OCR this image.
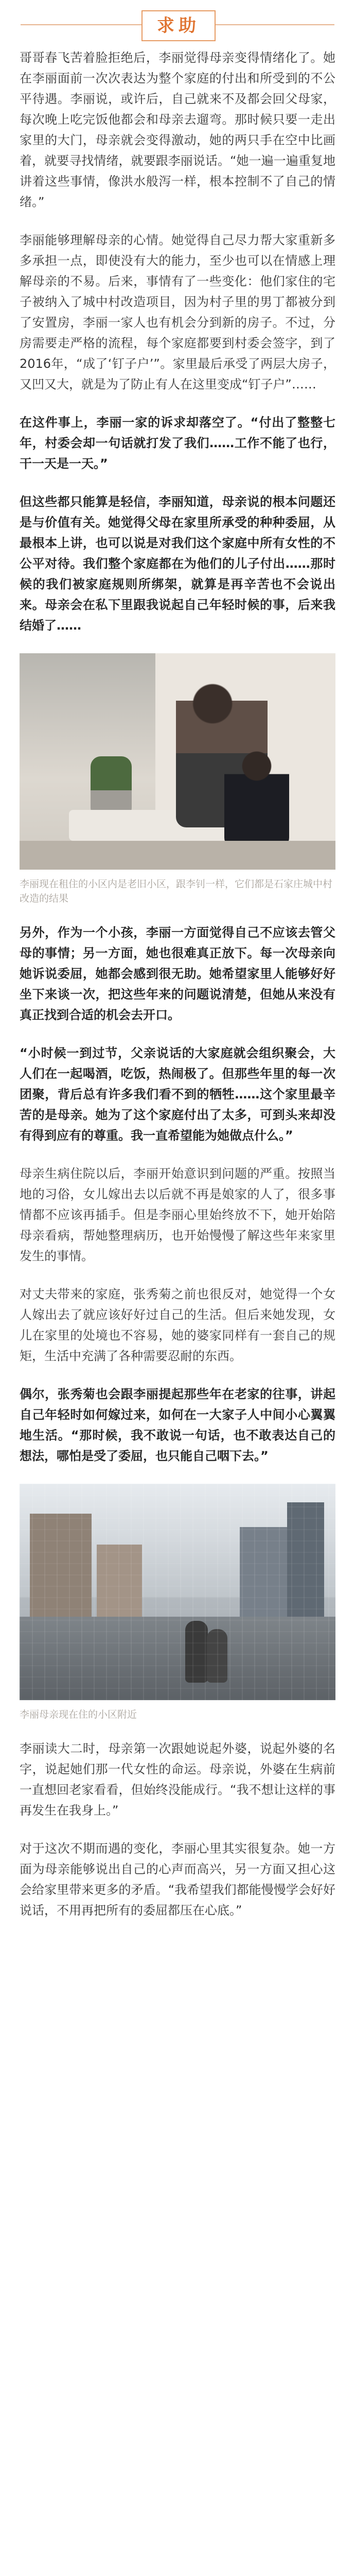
求助

哥哥春飞苦着脸拒绝后，李丽觉得母亲变得情绪化了。她在李丽面前一次次表达为整个家庭的付出和所受到的不公平待遇。李丽说，或许后，自己就来不及都会回父母家，每次晚上吃完饭他都会和母亲去遛弯。那时候只要一走出家里的大门，母亲就会变得激动，她的两只手在空中比画着，就要寻找情绪，就要跟李丽说话。“她一遍一遍重复地讲着这些事情，像洪水般泻一样，根本控制不了自己的情绪。”

李丽能够理解母亲的心情。她觉得自己尽力帮大家重新多多承担一点，即使没有大的能力，至少也可以在情感上理解母亲的不易。后来，事情有了一些变化：他们家住的宅子被纳入了城中村改造项目，因为村子里的男丁都被分到了安置房，李丽一家人也有机会分到新的房子。不过，分房需要走严格的流程，每个家庭都要到村委会签字，到了2016年，“成了‘钉子户’”。家里最后承受了两层大房子，又凹又大，就是为了防止有人在这里变成“钉子户”……

在这件事上，李丽一家的诉求却落空了。“付出了整整七年，村委会却一句话就打发了我们……工作不能了也行，干一天是一天。”

但这些都只能算是轻信，李丽知道，母亲说的根本问题还是与价值有关。她觉得父母在家里所承受的种种委屈，从最根本上讲，也可以说是对我们这个家庭中所有女性的不公平对待。我们整个家庭都在为他们的儿子付出……那时候的我们被家庭规则所绑架，就算是再辛苦也不会说出来。母亲会在私下里跟我说起自己年轻时候的事，后来我结婚了……

李丽现在租住的小区内是老旧小区，跟李钊一样，它们都是石家庄城中村改造的结果

另外，作为一个小孩，李丽一方面觉得自己不应该去管父母的事情；另一方面，她也很难真正放下。每一次母亲向她诉说委屈，她都会感到很无助。她希望家里人能够好好坐下来谈一次，把这些年来的问题说清楚，但她从来没有真正找到合适的机会去开口。

“小时候一到过节，父亲说话的大家庭就会组织聚会，大人们在一起喝酒，吃饭，热闹极了。但那些年里的每一次团聚，背后总有许多我们看不到的牺牲……这个家里最辛苦的是母亲。她为了这个家庭付出了太多，可到头来却没有得到应有的尊重。我一直希望能为她做点什么。”

母亲生病住院以后，李丽开始意识到问题的严重。按照当地的习俗，女儿嫁出去以后就不再是娘家的人了，很多事情都不应该再插手。但是李丽心里始终放不下，她开始陪母亲看病，帮她整理病历，也开始慢慢了解这些年来家里发生的事情。

对丈夫带来的家庭，张秀菊之前也很反对，她觉得一个女人嫁出去了就应该好好过自己的生活。但后来她发现，女儿在家里的处境也不容易，她的婆家同样有一套自己的规矩，生活中充满了各种需要忍耐的东西。

偶尔，张秀菊也会跟李丽提起那些年在老家的往事，讲起自己年轻时如何嫁过来，如何在一大家子人中间小心翼翼地生活。“那时候，我不敢说一句话，也不敢表达自己的想法，哪怕是受了委屈，也只能自己咽下去。”

李丽母亲现在住的小区附近

李丽读大二时，母亲第一次跟她说起外婆，说起外婆的名字，说起她们那一代女性的命运。母亲说，外婆在生病前一直想回老家看看，但始终没能成行。“我不想让这样的事再发生在我身上。”

对于这次不期而遇的变化，李丽心里其实很复杂。她一方面为母亲能够说出自己的心声而高兴，另一方面又担心这会给家里带来更多的矛盾。“我希望我们都能慢慢学会好好说话，不用再把所有的委屈都压在心底。”
